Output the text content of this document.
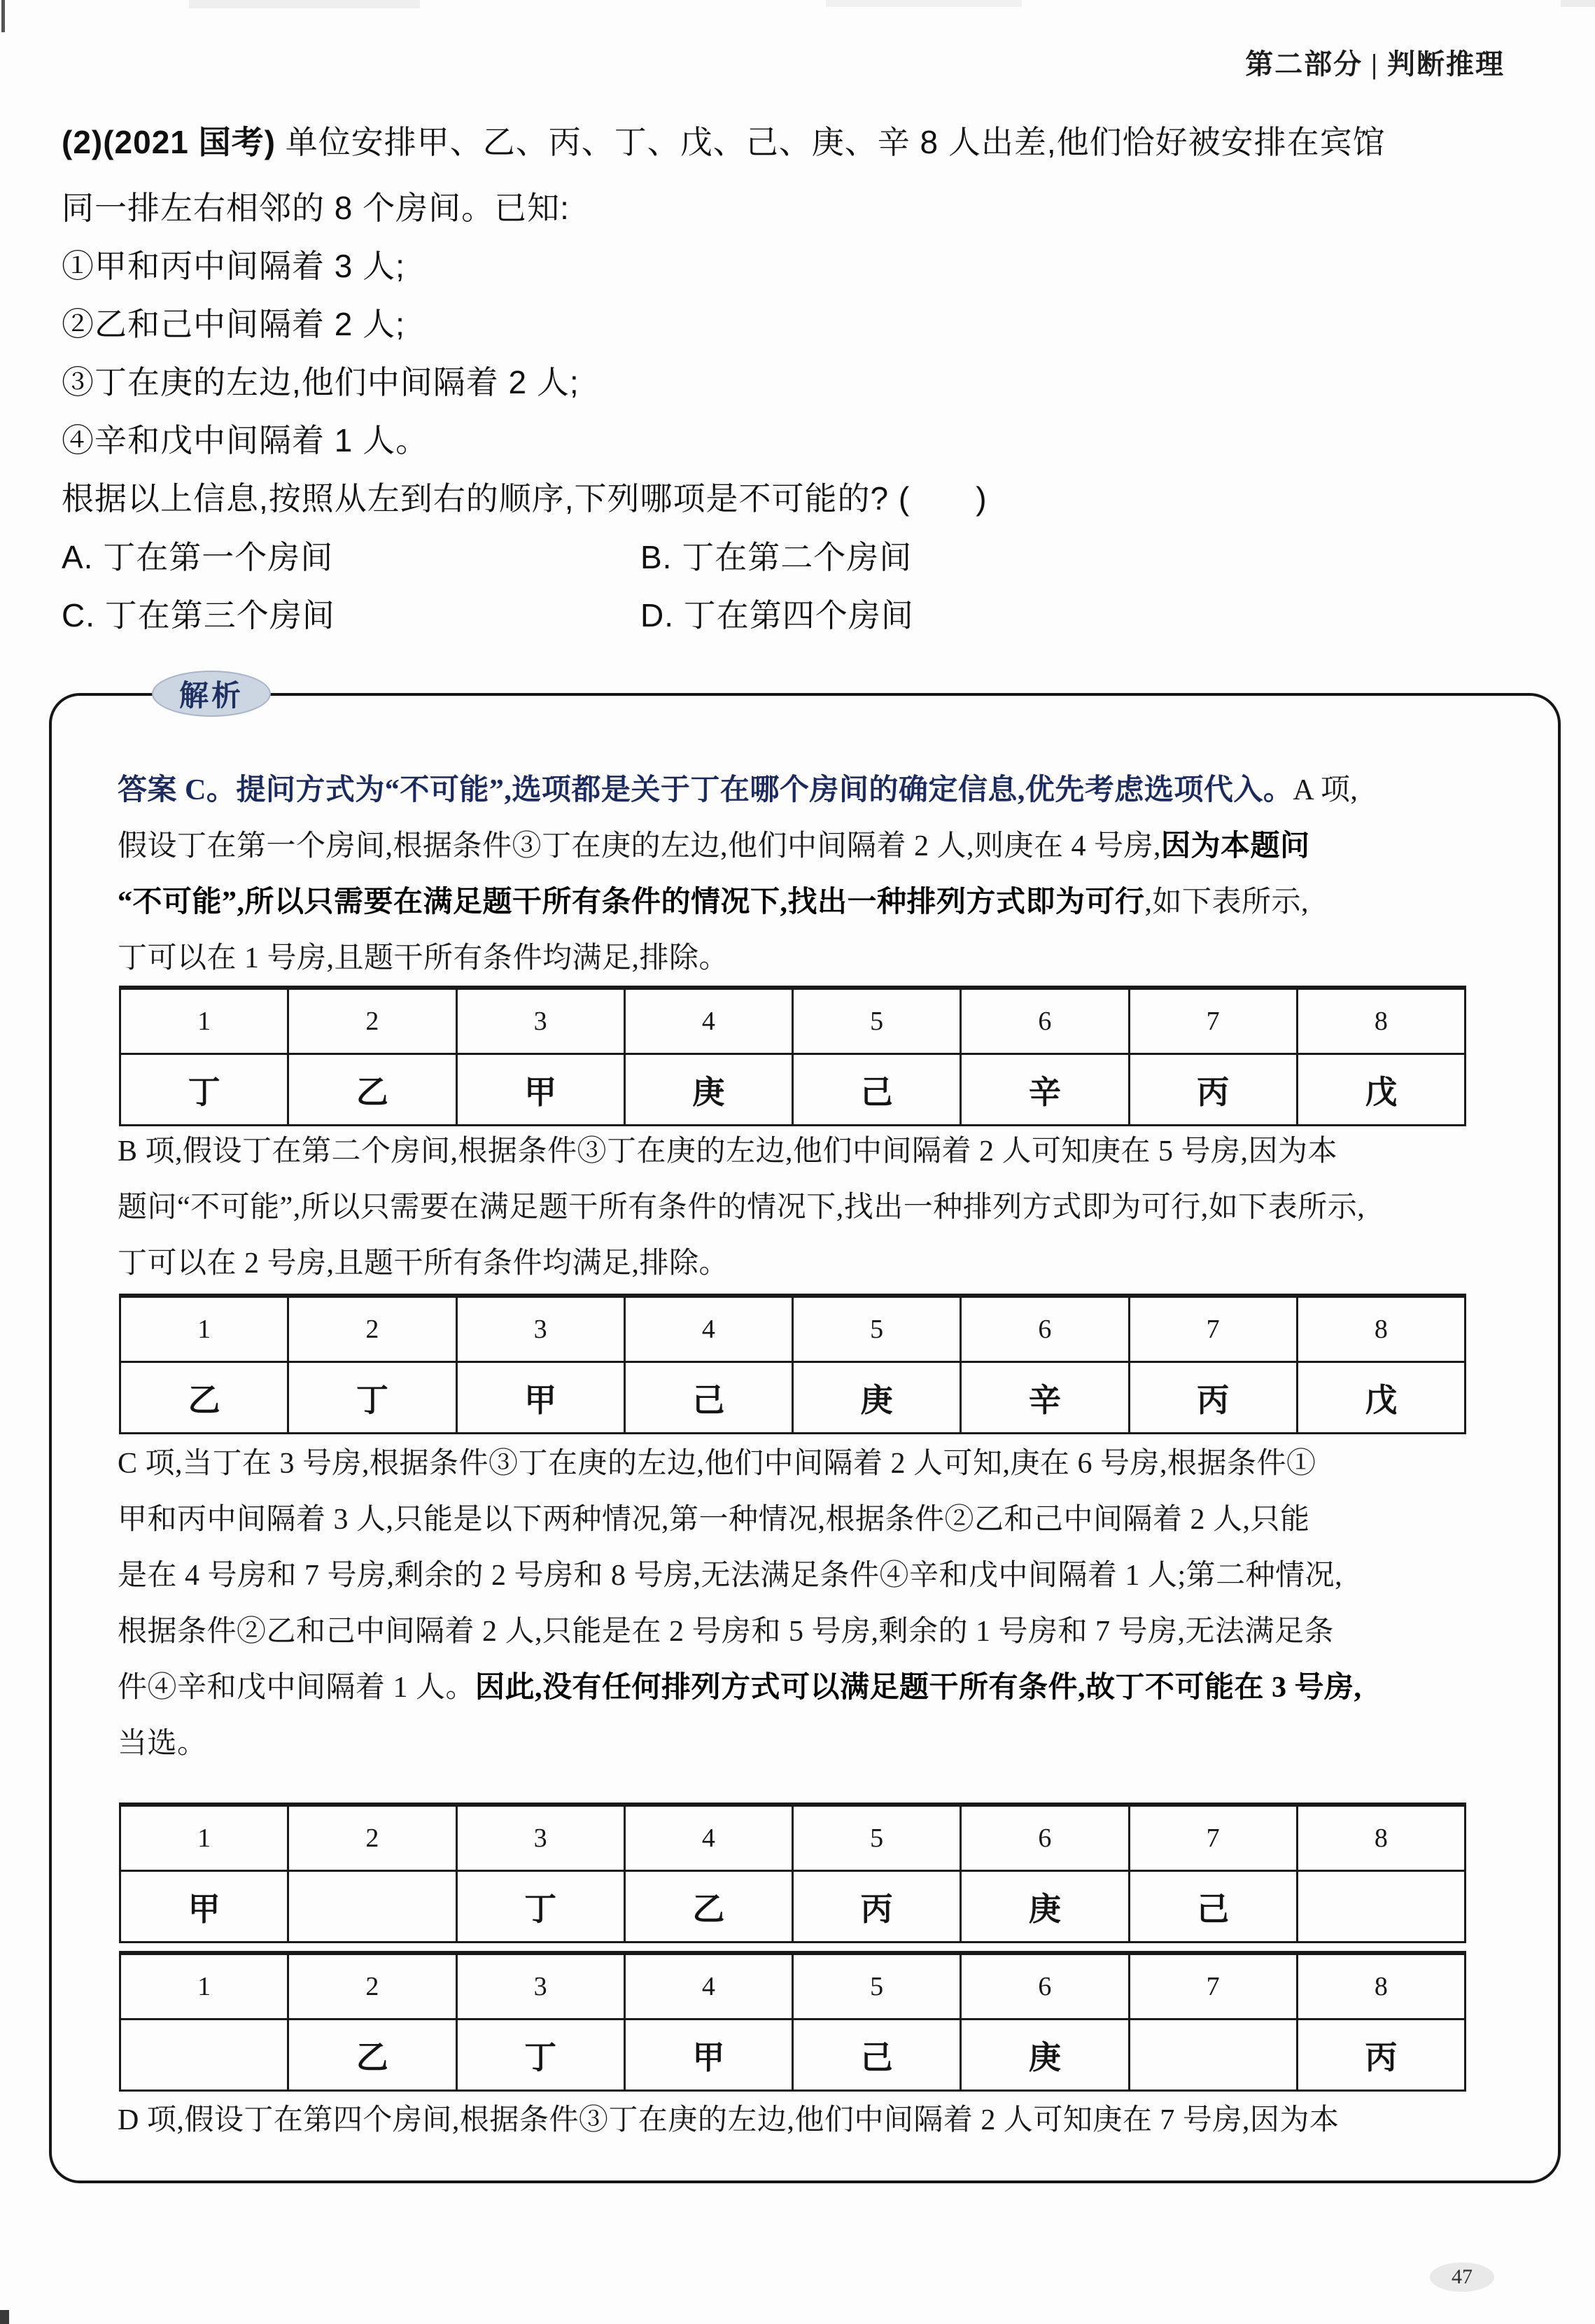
第二部分 | 判断推理
(2)(2021 国考) 单位安排甲、乙、丙、丁、戊、己、庚、辛 8 人出差,他们恰好被安排在宾馆
同一排左右相邻的 8 个房间。已知:
①甲和丙中间隔着 3 人;
②乙和己中间隔着 2 人;
③丁在庚的左边,他们中间隔着 2 人;
④辛和戊中间隔着 1 人。
根据以上信息,按照从左到右的顺序,下列哪项是不可能的? (　　)
A. 丁在第一个房间	B. 丁在第二个房间
C. 丁在第三个房间	D. 丁在第四个房间
解析
答案 C。提问方式为“不可能”,选项都是关于丁在哪个房间的确定信息,优先考虑选项代入。A 项,
假设丁在第一个房间,根据条件③丁在庚的左边,他们中间隔着 2 人,则庚在 4 号房,因为本题问
“不可能”,所以只需要在满足题干所有条件的情况下,找出一种排列方式即为可行,如下表所示,
丁可以在 1 号房,且题干所有条件均满足,排除。
1	2	3	4	5	6	7	8
丁	乙	甲	庚	己	辛	丙	戊
B 项,假设丁在第二个房间,根据条件③丁在庚的左边,他们中间隔着 2 人可知庚在 5 号房,因为本
题问“不可能”,所以只需要在满足题干所有条件的情况下,找出一种排列方式即为可行,如下表所示,
丁可以在 2 号房,且题干所有条件均满足,排除。
1	2	3	4	5	6	7	8
乙	丁	甲	己	庚	辛	丙	戊
C 项,当丁在 3 号房,根据条件③丁在庚的左边,他们中间隔着 2 人可知,庚在 6 号房,根据条件①
甲和丙中间隔着 3 人,只能是以下两种情况,第一种情况,根据条件②乙和己中间隔着 2 人,只能
是在 4 号房和 7 号房,剩余的 2 号房和 8 号房,无法满足条件④辛和戊中间隔着 1 人;第二种情况,
根据条件②乙和己中间隔着 2 人,只能是在 2 号房和 5 号房,剩余的 1 号房和 7 号房,无法满足条
件④辛和戊中间隔着 1 人。因此,没有任何排列方式可以满足题干所有条件,故丁不可能在 3 号房,
当选。
1	2	3	4	5	6	7	8
甲		丁	乙	丙	庚	己	
1	2	3	4	5	6	7	8
	乙	丁	甲	己	庚		丙
D 项,假设丁在第四个房间,根据条件③丁在庚的左边,他们中间隔着 2 人可知庚在 7 号房,因为本
47
